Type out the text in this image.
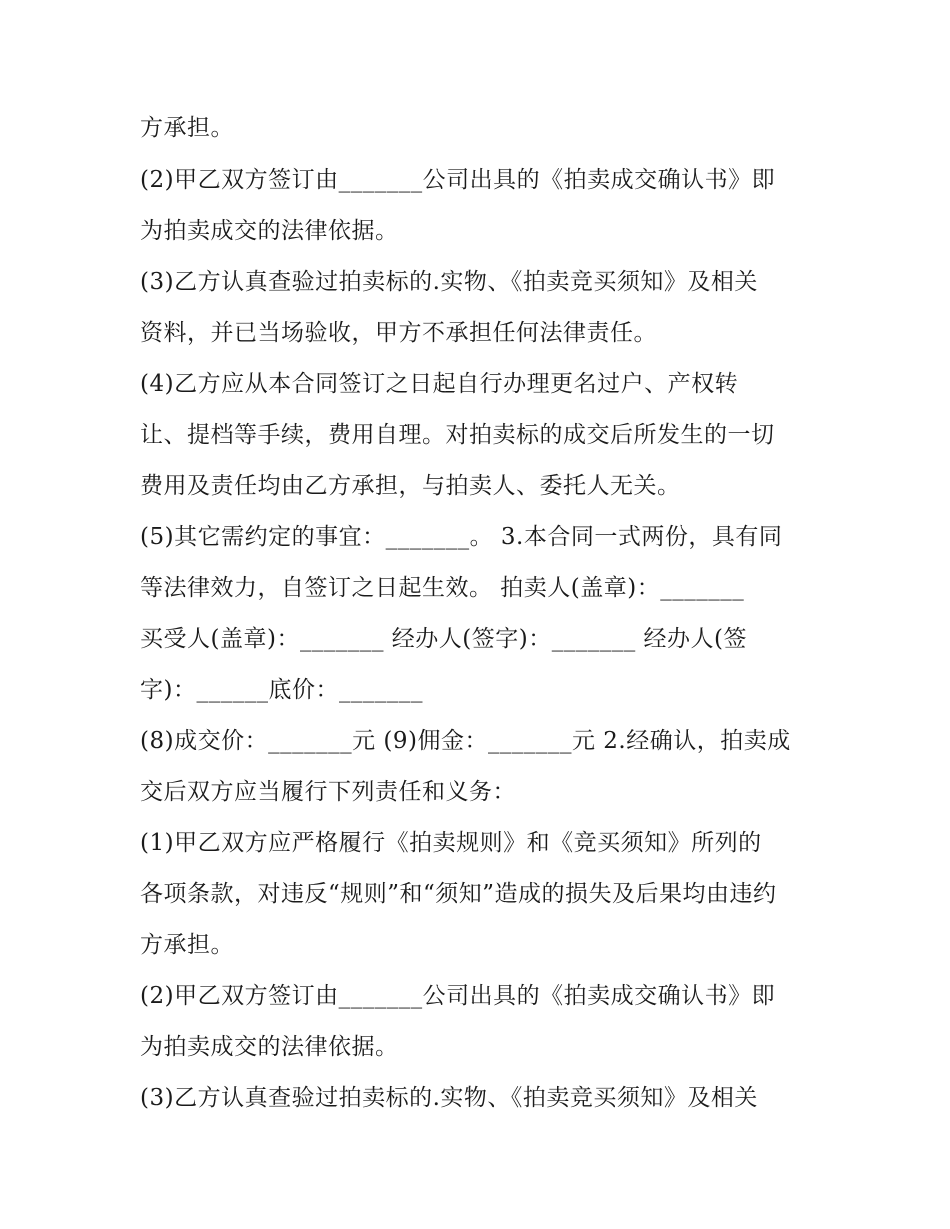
方承担。
(2)甲乙双方签订由_______公司出具的《拍卖成交确认书》即
为拍卖成交的法律依据。
(3)乙方认真查验过拍卖标的.实物、《拍卖竞买须知》及相关
资料，并已当场验收，甲方不承担任何法律责任。
(4)乙方应从本合同签订之日起自行办理更名过户、产权转
让、提档等手续，费用自理。对拍卖标的成交后所发生的一切
费用及责任均由乙方承担，与拍卖人、委托人无关。
(5)其它需约定的事宜：_______。 3.本合同一式两份，具有同
等法律效力，自签订之日起生效。 拍卖人(盖章)：_______
买受人(盖章)：_______ 经办人(签字)：_______ 经办人(签
字)：______底价：_______
(8)成交价：_______元 (9)佣金：_______元 2.经确认，拍卖成
交后双方应当履行下列责任和义务：
(1)甲乙双方应严格履行《拍卖规则》和《竞买须知》所列的
各项条款，对违反“规则”和“须知”造成的损失及后果均由违约
方承担。
(2)甲乙双方签订由_______公司出具的《拍卖成交确认书》即
为拍卖成交的法律依据。
(3)乙方认真查验过拍卖标的.实物、《拍卖竞买须知》及相关
